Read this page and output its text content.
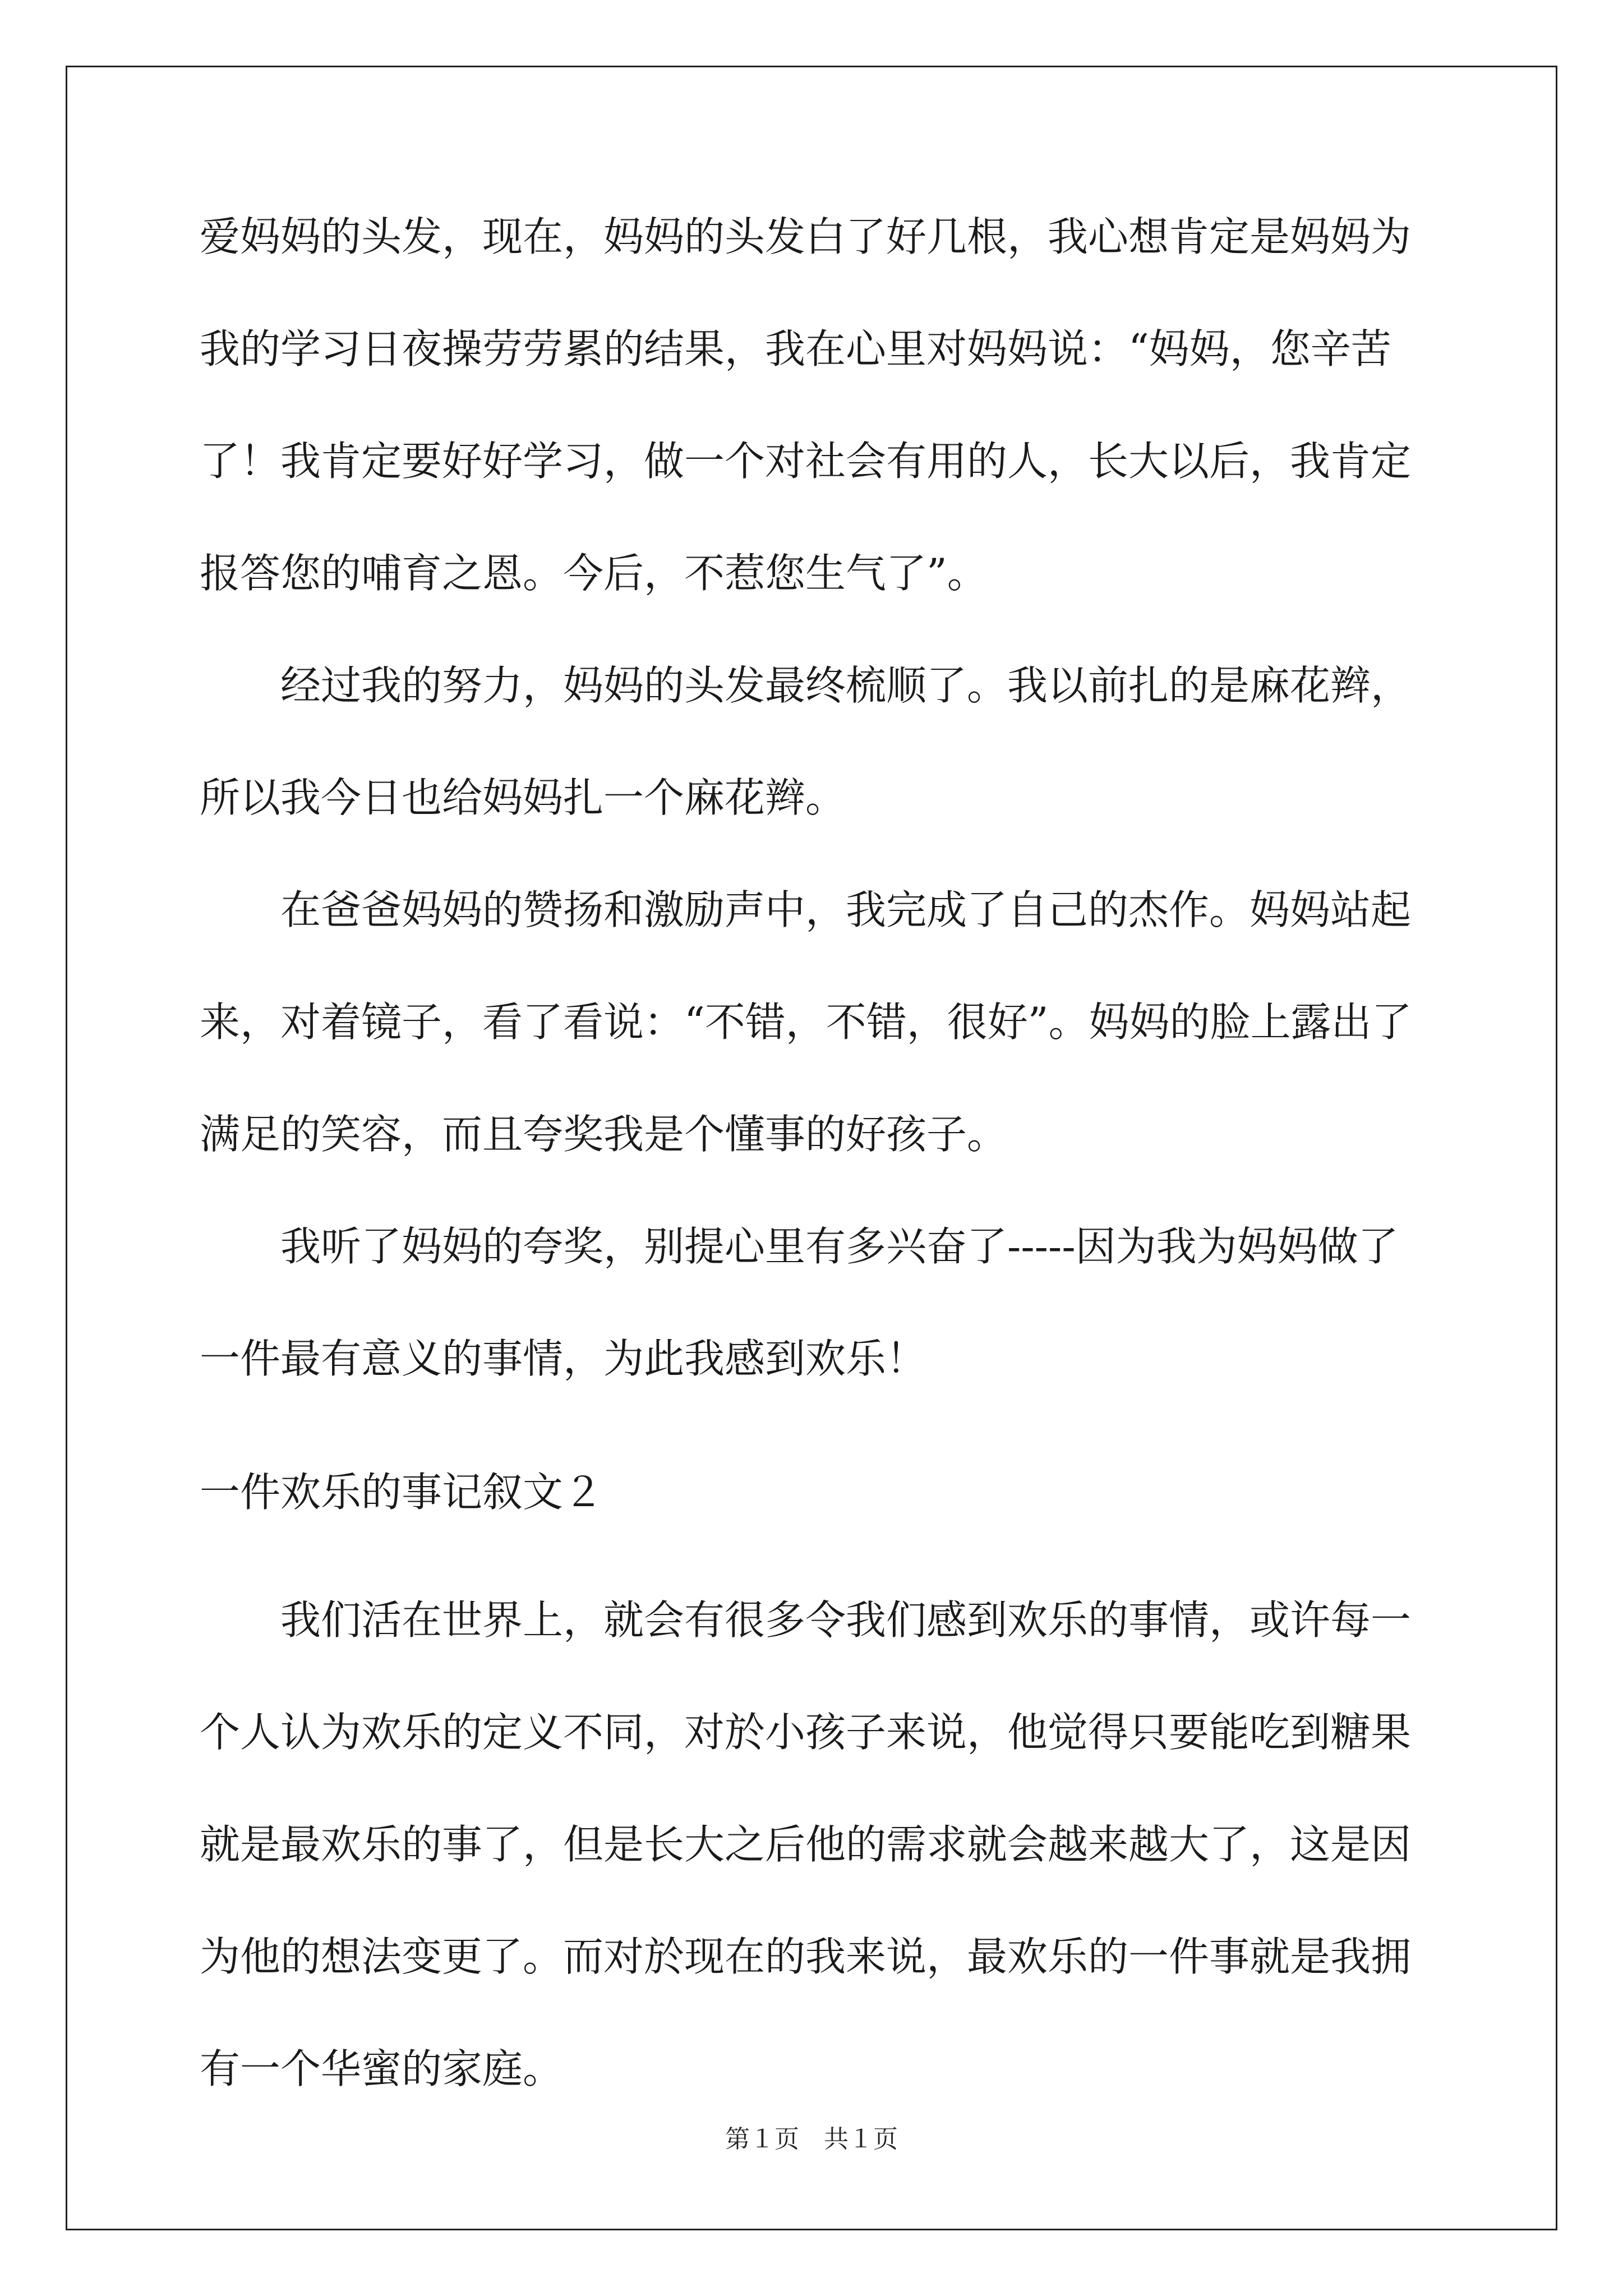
爱妈妈的头发，现在，妈妈的头发白了好几根，我心想肯定是妈妈为
我的学习日夜操劳劳累的结果，我在心里对妈妈说：“妈妈，您辛苦
了！我肯定要好好学习，做一个对社会有用的人，长大以后，我肯定
报答您的哺育之恩。今后，不惹您生气了”。
　　经过我的努力，妈妈的头发最终梳顺了。我以前扎的是麻花辫，
所以我今日也给妈妈扎一个麻花辫。
　　在爸爸妈妈的赞扬和激励声中，我完成了自己的杰作。妈妈站起
来，对着镜子，看了看说：“不错，不错，很好”。妈妈的脸上露出了
满足的笑容，而且夸奖我是个懂事的好孩子。
　　我听了妈妈的夸奖，别提心里有多兴奋了-----因为我为妈妈做了
一件最有意义的事情，为此我感到欢乐！
一件欢乐的事记叙文２
　　我们活在世界上，就会有很多令我们感到欢乐的事情，或许每一
个人认为欢乐的定义不同，对於小孩子来说，他觉得只要能吃到糖果
就是最欢乐的事了，但是长大之后他的需求就会越来越大了，这是因
为他的想法变更了。而对於现在的我来说，最欢乐的一件事就是我拥
有一个华蜜的家庭。
第１页　共１页
